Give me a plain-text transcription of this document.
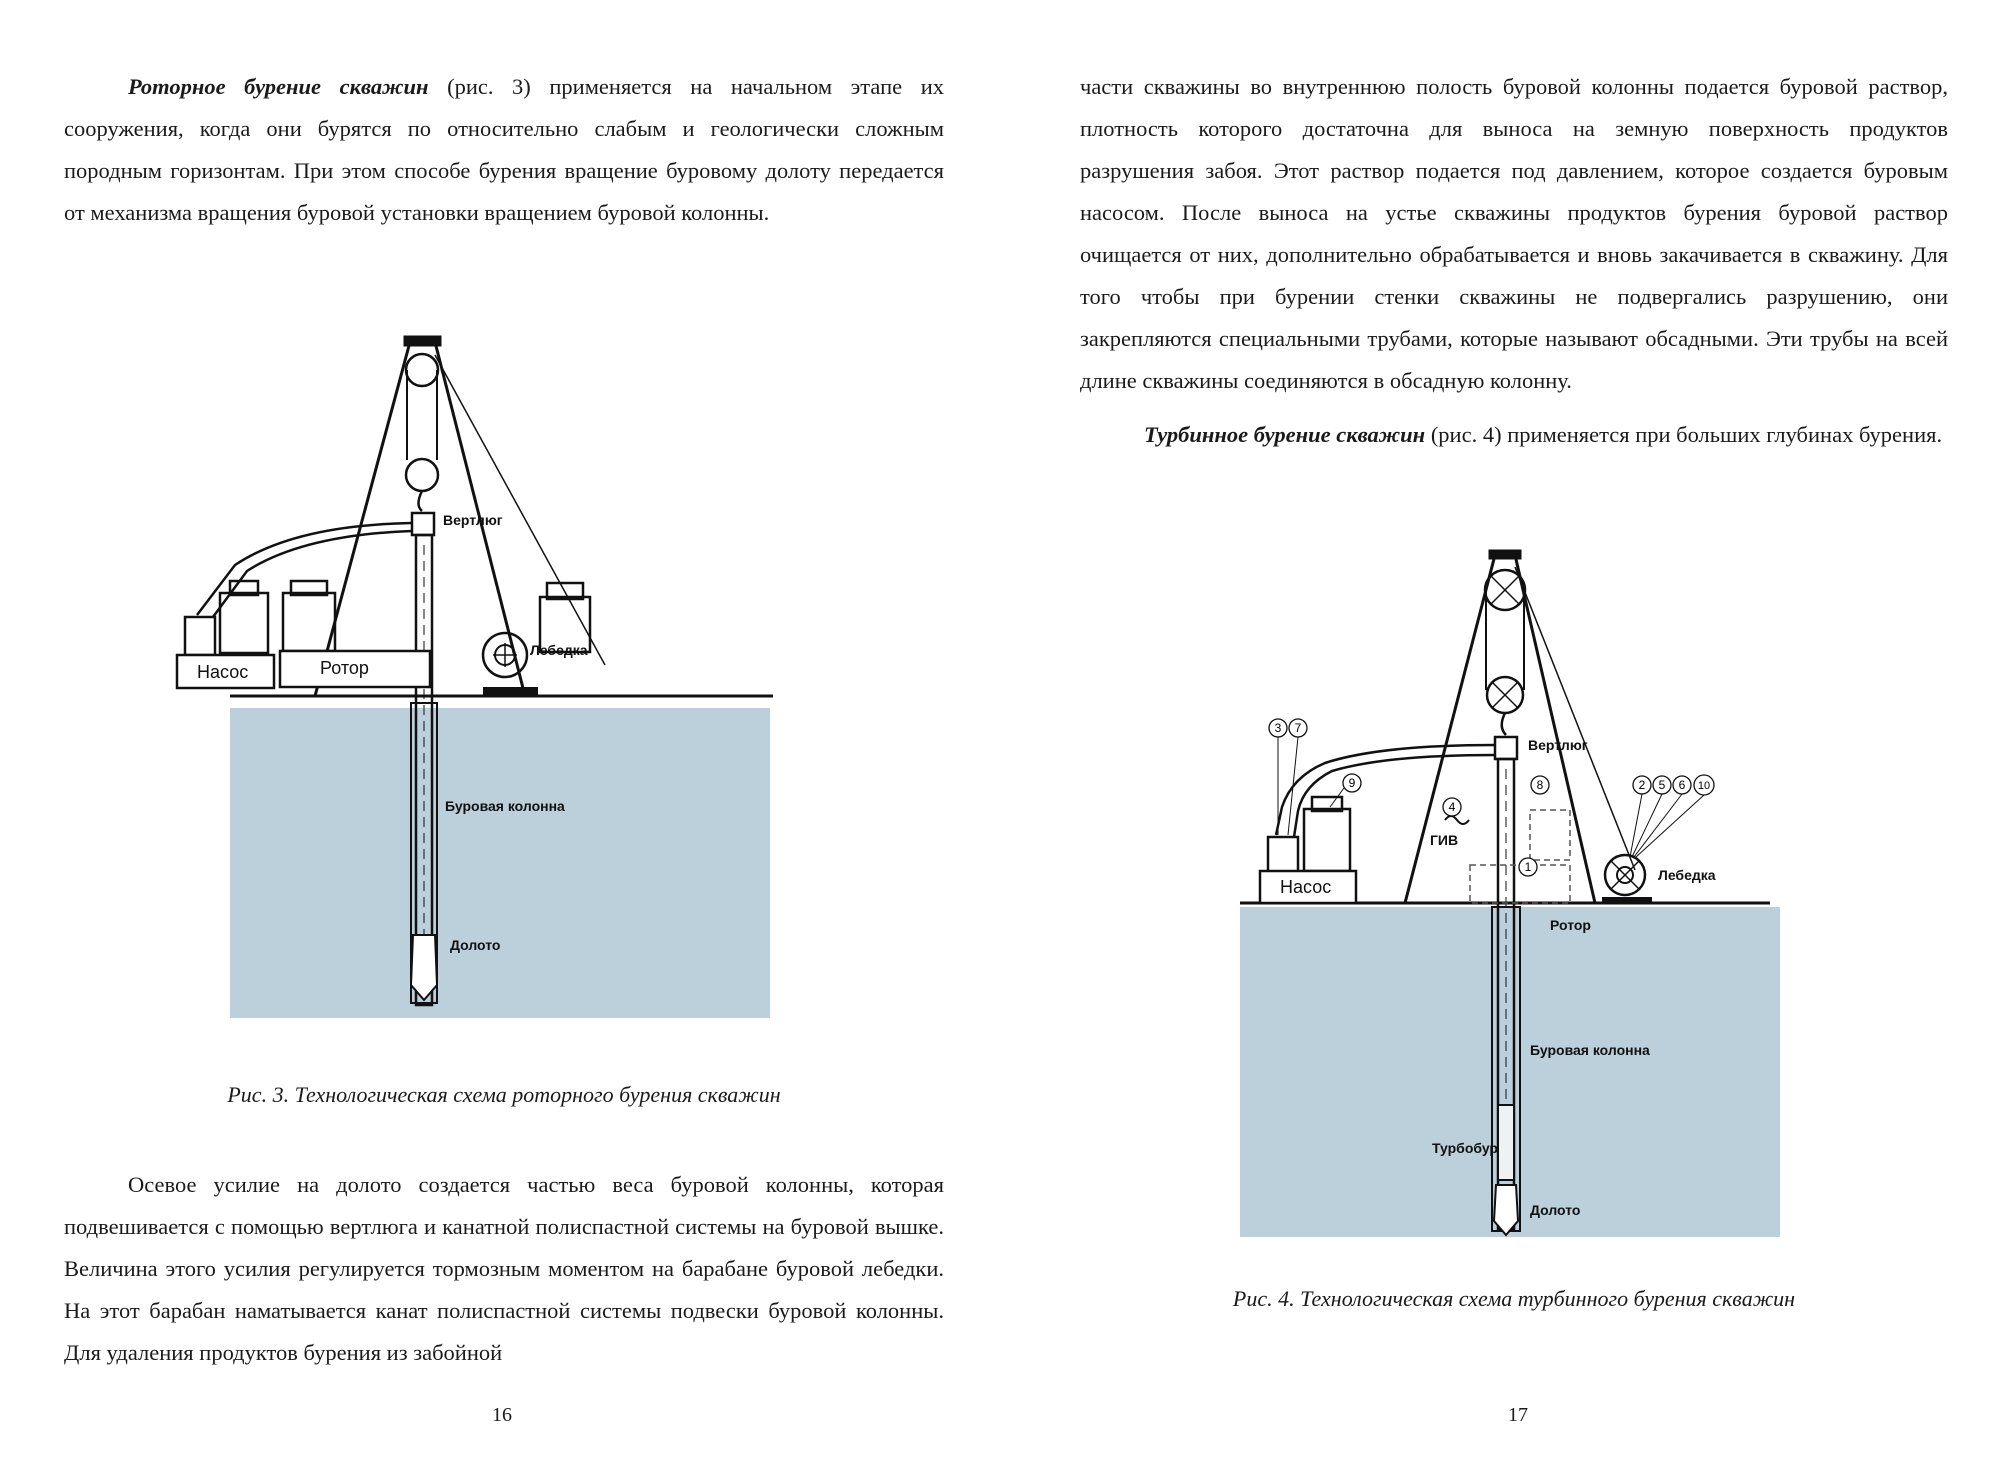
Роторное бурение скважин (рис. 3) применяется на начальном этапе их сооружения, когда они бурятся по относительно слабым и геологически сложным породным горизонтам. При этом способе бурения вращение буровому долоту передается от механизма вращения буровой установки вращением буровой колонны.

Вертлюг
Буровая колонна
Долото
Насос	Ротор
Лебедка

Рис. 3. Технологическая схема роторного бурения скважин

Осевое усилие на долото создается частью веса буровой колонны, которая подвешивается с помощью вертлюга и канатной полиспастной системы на буровой вышке. Величина этого усилия регулируется тормозным моментом на барабане буровой лебедки. На этот барабан наматывается канат полиспастной системы подвески буровой колонны. Для удаления продуктов бурения из забойной

16

части скважины во внутреннюю полость буровой колонны подается буровой раствор, плотность которого достаточна для выноса на земную поверхность продуктов разрушения забоя. Этот раствор подается под давлением, которое создается буровым насосом. После выноса на устье скважины продуктов бурения буровой раствор очищается от них, дополнительно обрабатывается и вновь закачивается в скважину. Для того чтобы при бурении стенки скважины не подвергались разрушению, они закрепляются специальными трубами, которые называют обсадными. Эти трубы на всей длине скважины соединяются в обсадную колонну.

Турбинное бурение скважин (рис. 4) применяется при больших глубинах бурения.

Вертлюг
Буровая колонна
Турбобур
Долото
Ротор
Насос
ГИВ
Лебедка
3 7
9
4
8
1
2 5 6 10

Рис. 4. Технологическая схема турбинного бурения скважин

17
